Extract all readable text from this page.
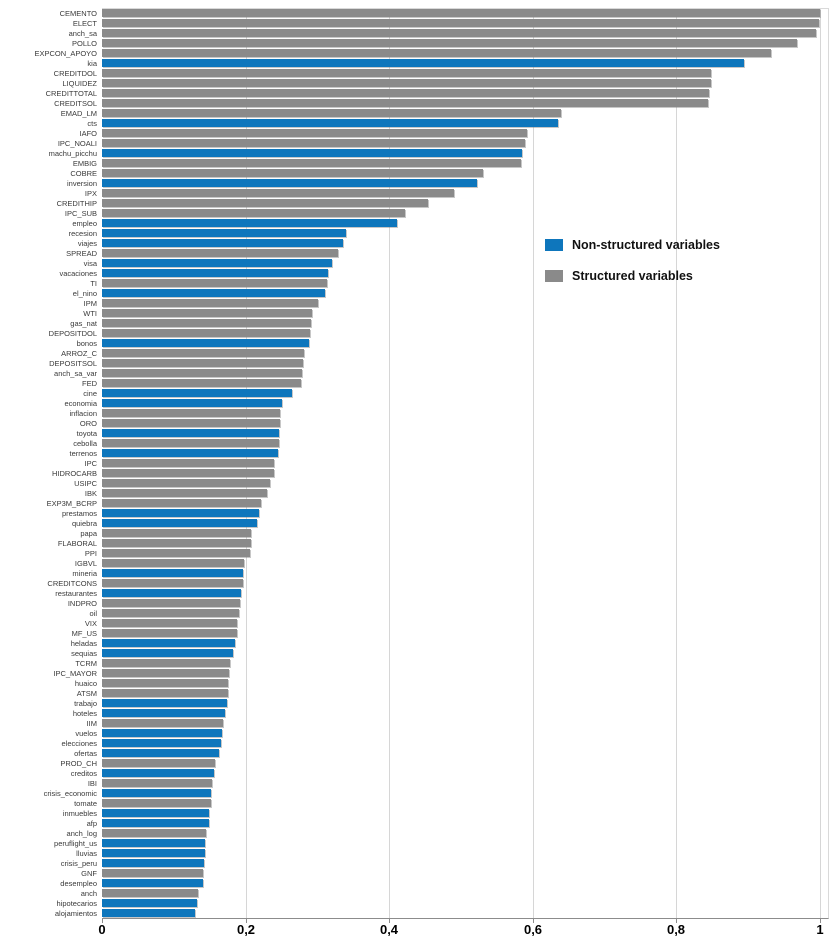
CEMENTO
ELECT
anch_sa
POLLO
EXPCON_APOYO
kia
CREDITDOL
LIQUIDEZ
CREDITTOTAL
CREDITSOL
EMAD_LM
cts
IAFO
IPC_NOALI
machu_picchu
EMBIG
COBRE
inversion
IPX
CREDITHIP
IPC_SUB
empleo
recesion
viajes
SPREAD
visa
vacaciones
TI
el_nino
IPM
WTI
gas_nat
DEPOSITDOL
bonos
ARROZ_C
DEPOSITSOL
anch_sa_var
FED
cine
economia
inflacion
ORO
toyota
cebolla
terrenos
IPC
HIDROCARB
USIPC
IBK
EXP3M_BCRP
prestamos
quiebra
papa
FLABORAL
PPI
IGBVL
mineria
CREDITCONS
restaurantes
INDPRO
oil
VIX
MF_US
heladas
sequias
TCRM
IPC_MAYOR
huaico
ATSM
trabajo
hoteles
IIM
vuelos
elecciones
ofertas
PROD_CH
creditos
IBI
crisis_economic
tomate
inmuebles
afp
anch_log
peruflight_us
lluvias
crisis_peru
GNF
desempleo
anch
hipotecarios
alojamientos
0	0,2	0,4	0,6	0,8	1
Non-structured variables
Structured variables
